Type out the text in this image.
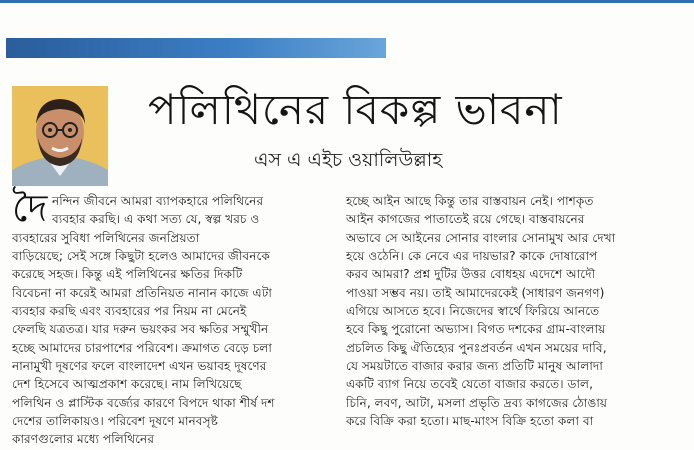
পলিথিনের বিকল্প ভাবনা
এস এ এইচ ওয়ালিউল্লাহ
দৈ নন্দিন জীবনে আমরা ব্যাপকহারে পলিথিনের
ব্যবহার করছি। এ কথা সত্য যে, স্বল্প খরচ ও
ব্যবহারের সুবিধা পলিথিনের জনপ্রিয়তা
বাড়িয়েছে; সেই সঙ্গে কিছুটা হলেও আমাদের জীবনকে
করেছে সহজ। কিন্তু এই পলিথিনের ক্ষতির দিকটি
বিবেচনা না করেই আমরা প্রতিনিয়ত নানান কাজে এটা
ব্যবহার করছি এবং ব্যবহারের পর নিয়ম না মেনেই
ফেলছি যত্রতত্র। যার দরুন ভয়ংকর সব ক্ষতির সম্মুখীন
হচ্ছে আমাদের চারপাশের পরিবেশ। ক্রমাগত বেড়ে চলা
নানামুখী দূষণের ফলে বাংলাদেশ এখন ভয়াবহ দূষণের
দেশ হিসেবে আত্মপ্রকাশ করেছে। নাম লিখিয়েছে
পলিথিন ও প্লাস্টিক বর্জ্যের কারণে বিপদে থাকা শীর্ষ দশ
দেশের তালিকায়ও। পরিবেশ দূষণে মানবসৃষ্ট
কারণগুলোর মধ্যে পলিথিনের
হচ্ছে আইন আছে কিন্তু তার বাস্তবায়ন নেই। পাশকৃত
আইন কাগজের পাতাতেই রয়ে গেছে। বাস্তবায়নের
অভাবে সে আইনের সোনার বাংলার সোনামুখ আর দেখা
হয়ে ওঠেনি। কে নেবে এর দায়ভার? কাকে দোষারোপ
করব আমরা? প্রশ্ন দুটির উত্তর বোধহয় এদেশে আদৌ
পাওয়া সম্ভব নয়। তাই আমাদেরকেই (সাধারণ জনগণ)
এগিয়ে আসতে হবে। নিজেদের স্বার্থে ফিরিয়ে আনতে
হবে কিছু পুরোনো অভ্যাস। বিগত দশকের গ্রাম-বাংলায়
প্রচলিত কিছু ঐতিহ্যের পুনঃপ্রবর্তন এখন সময়ের দাবি,
যে সময়টাতে বাজার করার জন্য প্রতিটি মানুষ আলাদা
একটি ব্যাগ নিয়ে তবেই যেতো বাজার করতে। ডাল,
চিনি, লবণ, আটা, মসলা প্রভৃতি দ্রব্য কাগজের ঠোঙায়
করে বিক্রি করা হতো। মাছ-মাংস বিক্রি হতো কলা বা
